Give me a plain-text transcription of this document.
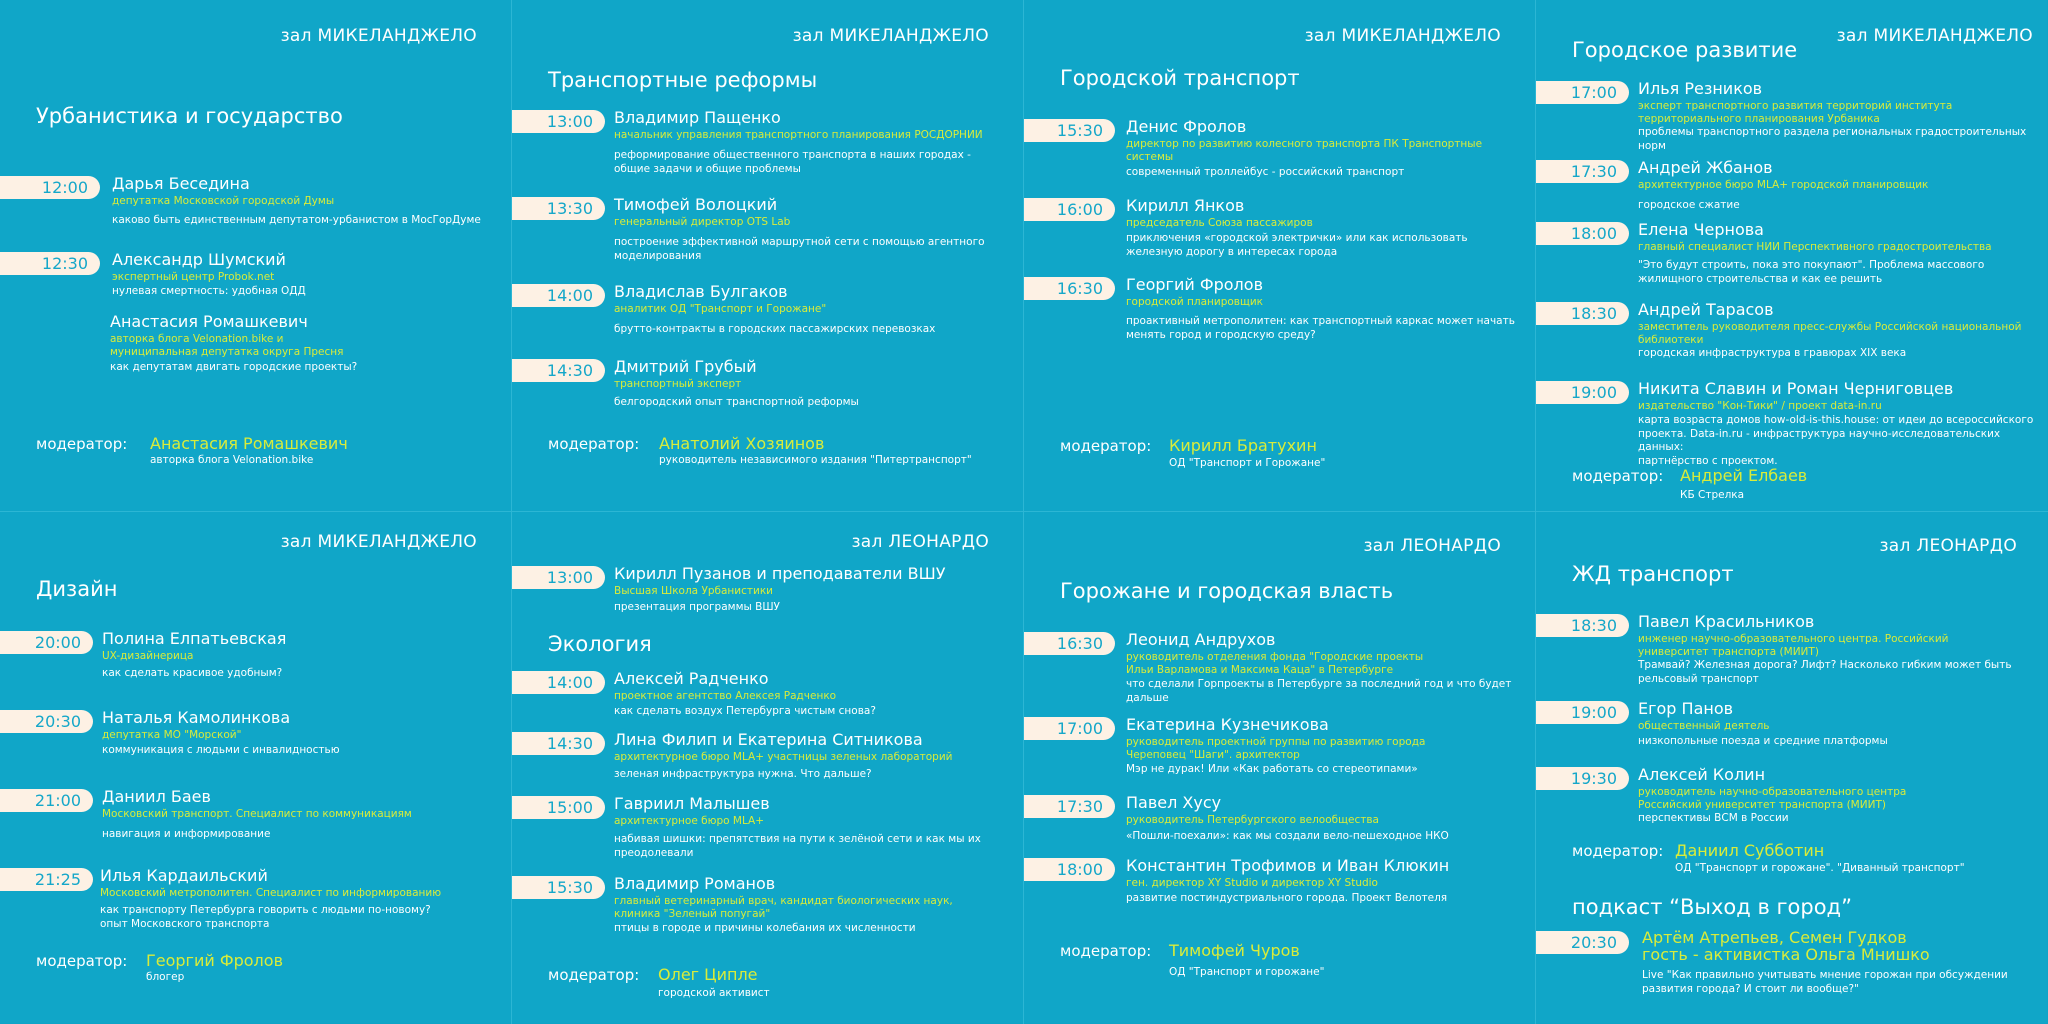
зал МИКЕЛАНДЖЕЛО
Урбанистика и государство
12:00	Дарья Беседина
депутатка Московской городской Думы
каково быть единственным депутатом-урбанистом в МосГорДуме
12:30	Александр Шумский
экспертный центр Probok.net
нулевая смертность: удобная ОДД
Анастасия Ромашкевич
авторка блога Velonation.bike и
муниципальная депутатка округа Пресня
как депутатам двигать городские проекты?
модератор: Анастасия Ромашкевич
авторка блога Velonation.bike
зал МИКЕЛАНДЖЕЛО
Транспортные реформы
13:00	Владимир Пащенко
начальник управления транспортного планирования РОСДОРНИИ
реформирование общественного транспорта в наших городах -
общие задачи и общие проблемы
13:30	Тимофей Волоцкий
генеральный директор OTS Lab
построение эффективной маршрутной сети с помощью агентного
моделирования
14:00	Владислав Булгаков
аналитик ОД "Транспорт и Горожане"
брутто-контракты в городских пассажирских перевозках
14:30	Дмитрий Грубый
транспортный эксперт
белгородский опыт транспортной реформы
модератор: Анатолий Хозяинов
руководитель независимого издания "Питертранспорт"
зал МИКЕЛАНДЖЕЛО
Городской транспорт
15:30	Денис Фролов
директор по развитию колесного транспорта ПК Транспортные
системы
современный троллейбус - российский транспорт
16:00	Кирилл Янков
председатель Союза пассажиров
приключения «городской электрички» или как использовать
железную дорогу в интересах города
16:30	Георгий Фролов
городской планировщик
проактивный метрополитен: как транспортный каркас может начать
менять город и городскую среду?
модератор: Кирилл Братухин
ОД "Транспорт и Горожане"
зал МИКЕЛАНДЖЕЛО
Городское развитие
17:00	Илья Резников
эксперт транспортного развития территорий института
территориального планирования Урбаника
проблемы транспортного раздела региональных градостроительных
норм
17:30	Андрей Жбанов
архитектурное бюро MLA+ городской планировщик
городское сжатие
18:00	Елена Чернова
главный специалист НИИ Перспективного градостроительства
"Это будут строить, пока это покупают". Проблема массового
жилищного строительства и как ее решить
18:30	Андрей Тарасов
заместитель руководителя пресс-службы Российской национальной
библиотеки
городская инфраструктура в гравюрах XIX века
19:00	Никита Славин и Роман Черниговцев
издательство "Кон-Тики" / проект data-in.ru
карта возраста домов how-old-is-this.house: от идеи до всероссийского
проекта. Data-in.ru - инфраструктура научно-исследовательских данных:
партнёрство с проектом.
модератор: Андрей Елбаев
КБ Стрелка
зал МИКЕЛАНДЖЕЛО
Дизайн
20:00	Полина Елпатьевская
UX-дизайнерица
как сделать красивое удобным?
20:30	Наталья Камолинкова
депутатка МО "Морской"
коммуникация с людьми с инвалидностью
21:00	Даниил Баев
Московский транспорт. Специалист по коммуникациям
навигация и информирование
21:25	Илья Кардаильский
Московский метрополитен. Специалист по информированию
как транспорту Петербурга говорить с людьми по-новому?
опыт Московского транспорта
модератор: Георгий Фролов
блогер
зал ЛЕОНАРДО
13:00	Кирилл Пузанов и преподаватели ВШУ
Высшая Школа Урбанистики
презентация программы ВШУ
Экология
14:00	Алексей Радченко
проектное агентство Алексея Радченко
как сделать воздух Петербурга чистым снова?
14:30	Лина Филип и Екатерина Ситникова
архитектурное бюро MLA+ участницы зеленых лабораторий
зеленая инфраструктура нужна. Что дальше?
15:00	Гавриил Малышев
архитектурное бюро MLA+
набивая шишки: препятствия на пути к зелёной сети и как мы их
преодолевали
15:30	Владимир Романов
главный ветеринарный врач, кандидат биологических наук,
клиника "Зеленый попугай"
птицы в городе и причины колебания их численности
модератор: Олег Ципле
городской активист
зал ЛЕОНАРДО
Горожане и городская власть
16:30	Леонид Андрухов
руководитель отделения фонда "Городские проекты
Ильи Варламова и Максима Каца" в Петербурге
что сделали Горпроекты в Петербурге за последний год и что будет
дальше
17:00	Екатерина Кузнечикова
руководитель проектной группы по развитию города
Череповец "Шаги". архитектор
Мэр не дурак! Или «Как работать со стереотипами»
17:30	Павел Хусу
руководитель Петербургского велообщества
«Пошли-поехали»: как мы создали вело-пешеходное НКО
18:00	Константин Трофимов и Иван Клюкин
ген. директор XY Studio и директор XY Studio
развитие постиндустриального города. Проект Велотеля
модератор: Тимофей Чуров
ОД "Транспорт и горожане"
зал ЛЕОНАРДО
ЖД транспорт
18:30	Павел Красильников
инженер научно-образовательного центра. Российский
университет транспорта (МИИТ)
Трамвай? Железная дорога? Лифт? Насколько гибким может быть
рельсовый транспорт
19:00	Егор Панов
общественный деятель
низкопольные поезда и средние платформы
19:30	Алексей Колин
руководитель научно-образовательного центра
Российский университет транспорта (МИИТ)
перспективы ВСМ в России
модератор: Даниил Субботин
ОД "Транспорт и горожане". "Диванный транспорт"
подкаст “Выход в город”
20:30	Артём Атрепьев, Семен Гудков
гость - активистка Ольга Мнишко
Live "Как правильно учитывать мнение горожан при обсуждении
развития города? И стоит ли вообще?"
